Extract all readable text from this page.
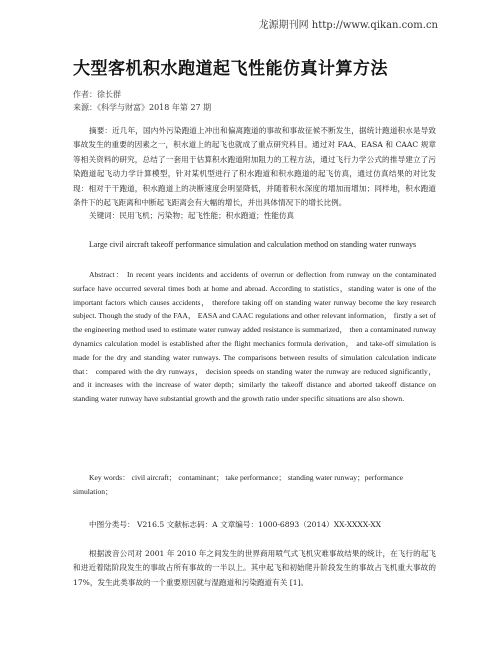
龙源期刊网 http://www.qikan.com.cn
大型客机积水跑道起飞性能仿真计算方法
作者：徐长群
来源：《科学与财富》2018 年第 27 期
摘要：近几年，国内外污染跑道上冲出和偏离跑道的事故和事故征候不断发生，据统计跑道积水是导致事故发生的重要的因素之一，积水道上的起飞也就成了重点研究科目。通过对 FAA、EASA 和 CAAC 规章等相关资料的研究，总结了一套用于估算积水跑道附加阻力的工程方法，通过飞行力学公式的推导建立了污染跑道起飞动力学计算模型，针对某机型进行了积水跑道和积水跑道的起飞仿真，通过仿真结果的对比发现：相对于干跑道，积水跑道上的决断速度会明显降低，并随着积水深度的增加而增加；同样地，积水跑道条件下的起飞距离和中断起飞距离会有大幅的增长，并出具体情况下的增长比例。
关键词：民用飞机；污染物；起飞性能；积水跑道；性能仿真
Large civil aircraft takeoff performance simulation and calculation method on standing water runways
Abstract： In recent years incidents and accidents of overrun or deflection from runway on the contaminated surface have occurred several times both at home and abroad. According to statistics，standing water is one of the important factors which causes accidents， therefore taking off on standing water runway become the key research subject. Though the study of the FAA， EASA and CAAC regulations and other relevant information， firstly a set of the engineering method used to estimate water runway added resistance is summarized， then a contaminated runway dynamics calculation model is established after the flight mechanics formula derivation， and take-off simulation is made for the dry and standing water runways. The comparisons between results of simulation calculation indicate that： compared with the dry runways， decision speeds on standing water the runway are reduced significantly， and it increases with the increase of water depth；similarly the takeoff distance and aborted takeoff distance on standing water runway have substantial growth and the growth ratio under specific situations are also shown.
Key words： civil aircraft； contaminant； take performance； standing water runway；performance simulation；
中图分类号： V216.5 文献标志码：A 文章编号：1000-6893（2014）XX-XXXX-XX
根据波音公司对 2001 年 2010 年之间发生的世界商用喷气式飞机灾难事故结果的统计，在飞行的起飞和进近着陆阶段发生的事故占所有事故的一半以上。其中起飞和初始爬升阶段发生的事故占飞机重大事故的 17%，发生此类事故的一个重要原因就与湿跑道和污染跑道有关 [1]。
